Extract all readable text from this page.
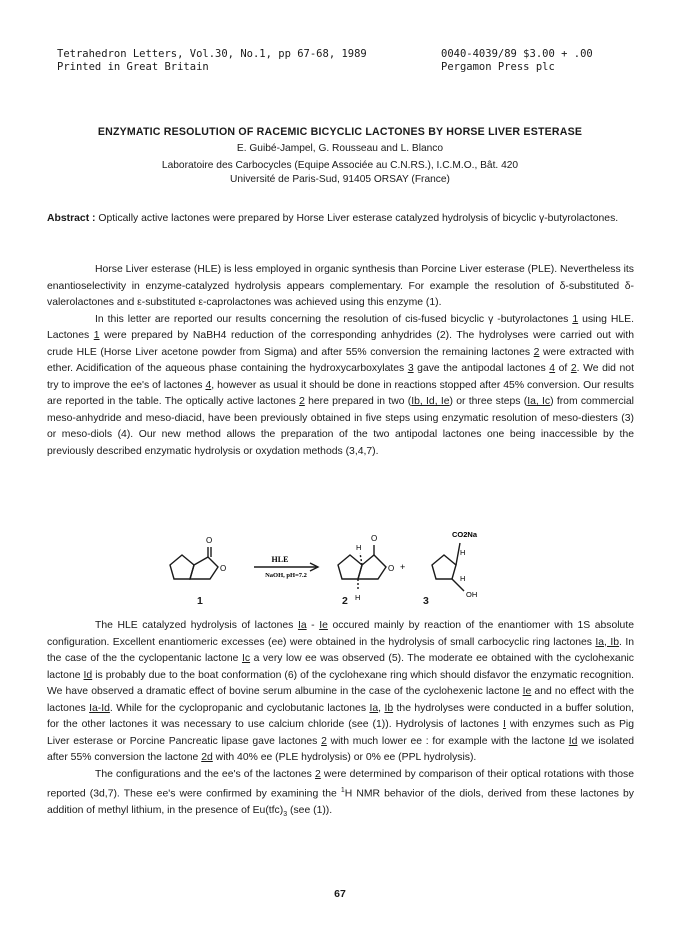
Tetrahedron Letters, Vol.30, No.1, pp 67-68, 1989
Printed in Great Britain
0040-4039/89 $3.00 + .00
Pergamon Press plc
ENZYMATIC RESOLUTION OF RACEMIC BICYCLIC LACTONES BY HORSE LIVER ESTERASE
E. Guibé-Jampel, G. Rousseau and L. Blanco
Laboratoire des Carbocycles (Equipe Associée au C.N.RS.), I.C.M.O., Bât. 420
Université de Paris-Sud, 91405 ORSAY (France)

Abstract : Optically active lactones were prepared by Horse Liver esterase catalyzed hydrolysis of bicyclic γ-butyrolactones.

Horse Liver esterase (HLE) is less employed in organic synthesis than Porcine Liver esterase (PLE). Nevertheless its enantioselectivity in enzyme-catalyzed hydrolysis appears complementary. For example the resolution of δ-substituted δ-valerolactones and ε-substituted ε-caprolactones was achieved using this enzyme (1).

In this letter are reported our results concerning the resolution of cis-fused bicyclic γ -butyrolactones 1 using HLE. Lactones 1 were prepared by NaBH4 reduction of the corresponding anhydrides (2). The hydrolyses were carried out with crude HLE (Horse Liver acetone powder from Sigma) and after 55% conversion the remaining lactones 2 were extracted with ether. Acidification of the aqueous phase containing the hydroxycarboxylates 3 gave the antipodal lactones 4 of 2. We did not try to improve the ee's of lactones 4, however as usual it should be done in reactions stopped after 45% conversion. Our results are reported in the table. The optically active lactones 2 here prepared in two (Ib, Id, Ie) or three steps (Ia, Ic) from commercial meso-anhydride and meso-diacid, have been previously obtained in five steps using enzymatic resolution of meso-diesters (3) or meso-diols (4). Our new method allows the preparation of the two antipodal lactones one being inaccessible by the previously described enzymatic hydrolysis or oxydation methods (3,4,7).

HLE
NaOH, pH=7.2
O
O
H
O
O
H
+
CO2Na
H
H
OH
1	2	3

The HLE catalyzed hydrolysis of lactones Ia - Ie occured mainly by reaction of the enantiomer with 1S absolute configuration. Excellent enantiomeric excesses (ee) were obtained in the hydrolysis of small carbocyclic ring lactones Ia, Ib. In the case of the the cyclopentanic lactone Ic a very low ee was observed (5). The moderate ee obtained with the cyclohexanic lactone Id is probably due to the boat conformation (6) of the cyclohexane ring which should disfavor the enzymatic recognition. We have observed a dramatic effect of bovine serum albumine in the case of the cyclohexenic lactone Ie and no effect with the lactones Ia-Id. While for the cyclopropanic and cyclobutanic lactones Ia, Ib the hydrolyses were conducted in a buffer solution, for the other lactones it was necessary to use calcium chloride (see (1)). Hydrolysis of lactones I with enzymes such as Pig Liver esterase or Porcine Pancreatic lipase gave lactones 2 with much lower ee : for example with the lactone Id we isolated after 55% conversion the lactone 2d with 40% ee (PLE hydrolysis) or 0% ee (PPL hydrolysis).

The configurations and the ee's of the lactones 2 were determined by comparison of their optical rotations with those reported (3d,7). These ee's were confirmed by examining the $^1$H NMR behavior of the diols, derived from these lactones by addition of methyl lithium, in the presence of $Eu(tfc)_3$ (see (1)).

67
